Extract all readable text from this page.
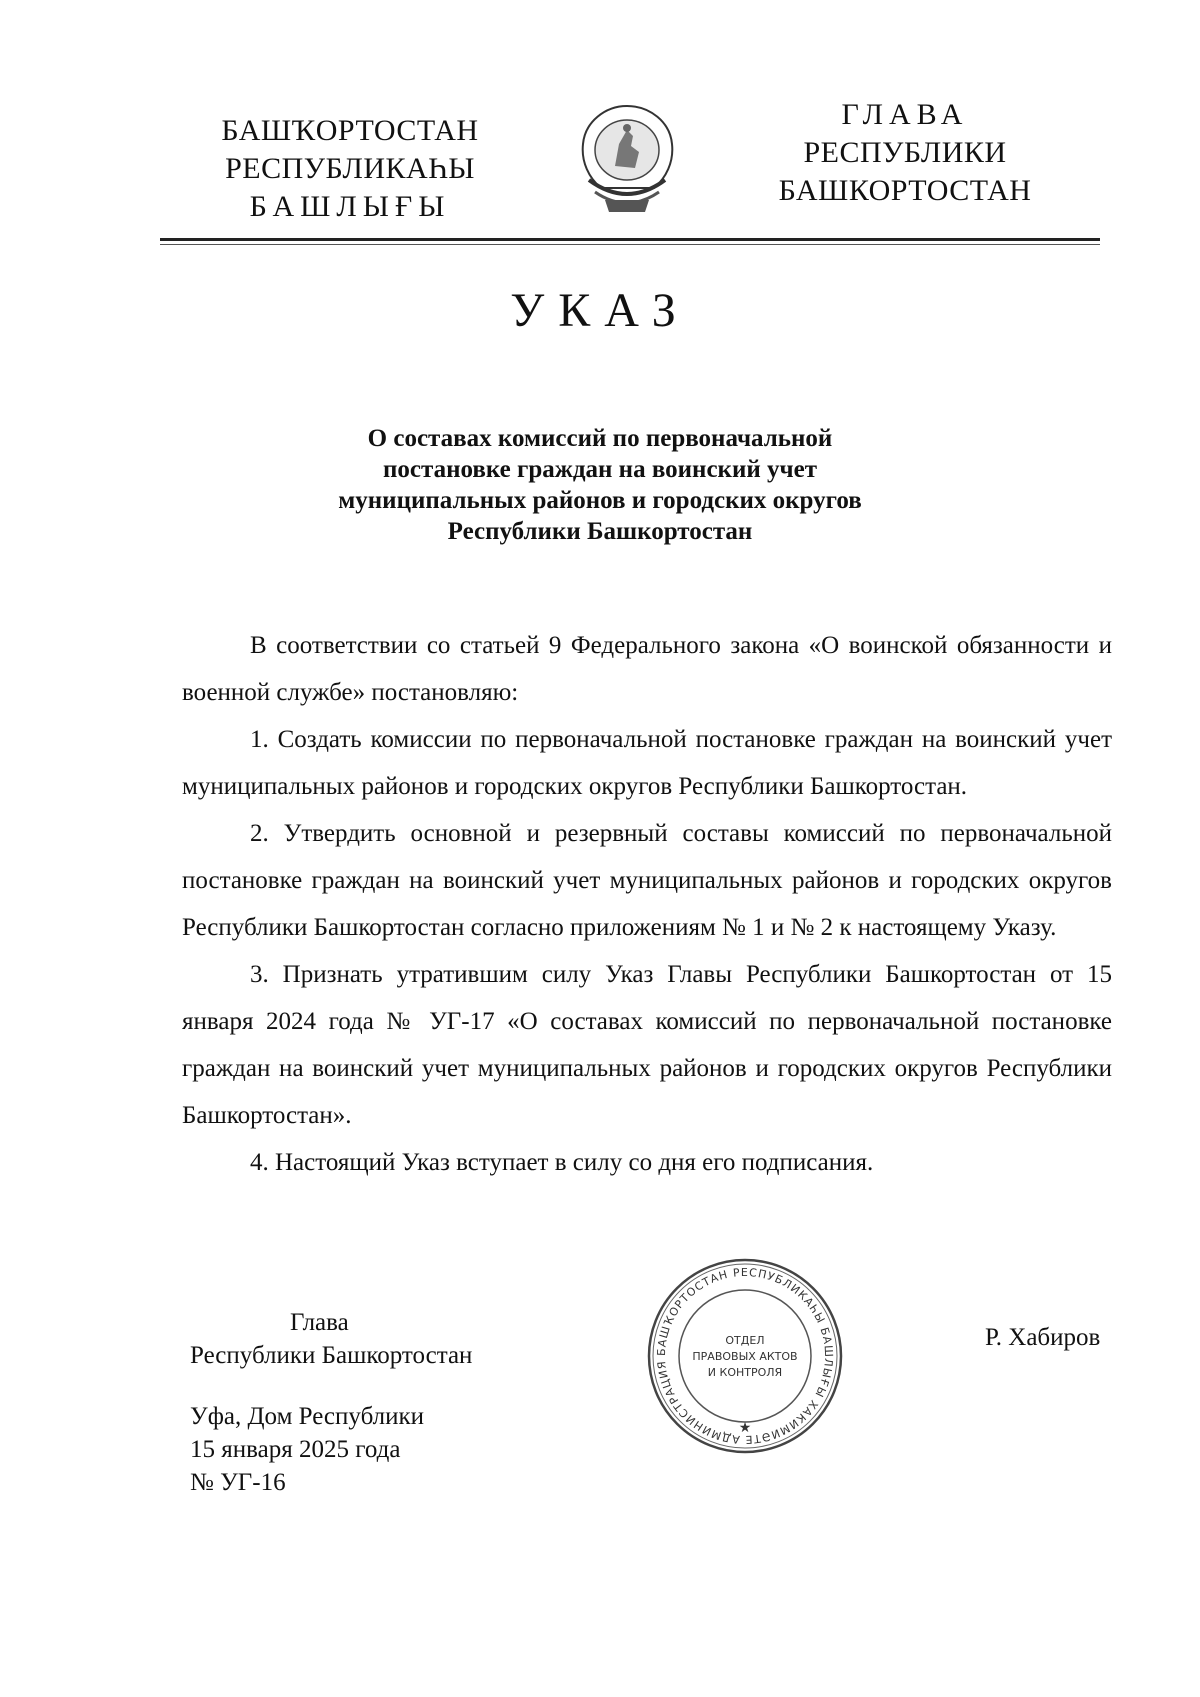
БАШҠОРТОСТАН
РЕСПУБЛИКАҺЫ
БАШЛЫҒЫ
ГЛАВА
РЕСПУБЛИКИ
БАШКОРТОСТАН
УКАЗ
О составах комиссий по первоначальной
постановке граждан на воинский учет
муниципальных районов и городских округов
Республики Башкортостан

В соответствии со статьей 9 Федерального закона «О воинской обязанности и военной службе» постановляю:

1. Создать комиссии по первоначальной постановке граждан на воинский учет муниципальных районов и городских округов Республики Башкортостан.

2. Утвердить основной и резервный составы комиссий по первоначальной постановке граждан на воинский учет муниципальных районов и городских округов Республики Башкортостан согласно приложениям № 1 и № 2 к настоящему Указу.

3. Признать утратившим силу Указ Главы Республики Башкортостан от 15 января 2024 года № УГ-17 «О составах комиссий по первоначальной постановке граждан на воинский учет муниципальных районов и городских округов Республики Башкортостан».

4. Настоящий Указ вступает в силу со дня его подписания.

Глава
Республики Башкортостан	БАШҠОРТОСТАН РЕСПУБЛИКАҺЫ БАШЛЫҒЫ ХАКИМИӘТЕ АДМИНИСТРАЦИЯ
ОТДЕЛ
ПРАВОВЫХ АКТОВ
И КОНТРОЛЯ
★
Р. Хабиров
Уфа, Дом Республики
15 января 2025 года
№ УГ-16
